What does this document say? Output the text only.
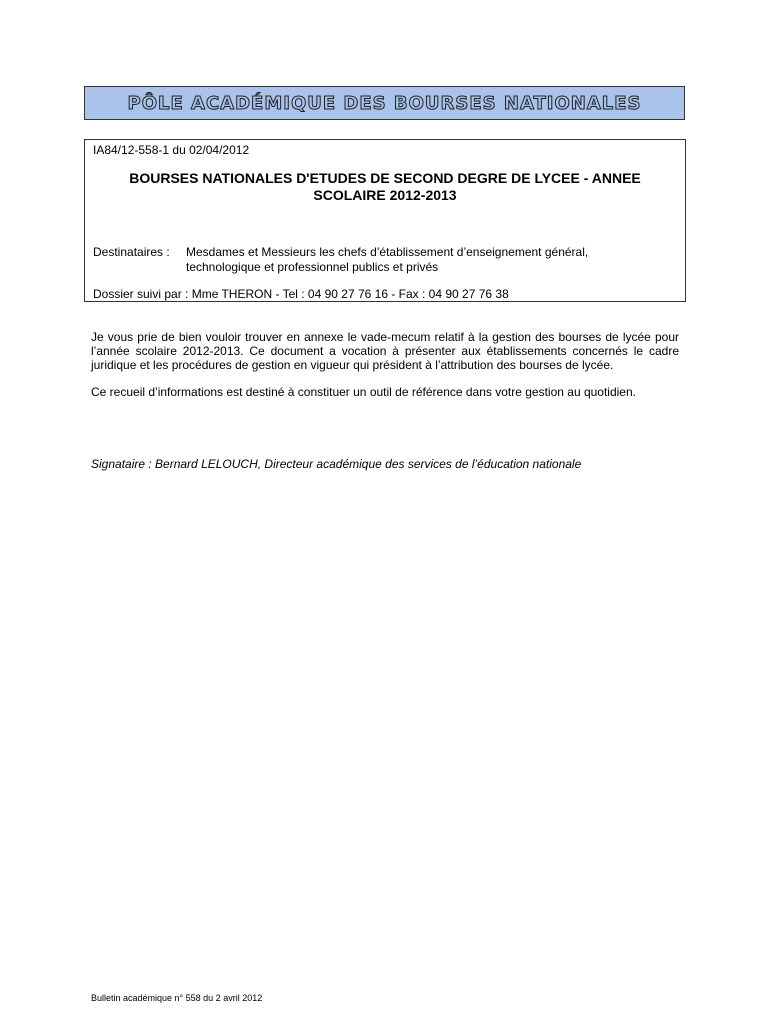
PÔLE ACADÉMIQUE DES BOURSES NATIONALES
IA84/12-558-1 du 02/04/2012
BOURSES NATIONALES D'ETUDES DE SECOND DEGRE DE LYCEE - ANNEE
SCOLAIRE 2012-2013
Destinataires :	Mesdames et Messieurs les chefs d’établissement d’enseignement général, technologique et professionnel publics et privés
Dossier suivi par : Mme THERON - Tel : 04 90 27 76 16 - Fax : 04 90 27 76 38

Je vous prie de bien vouloir trouver en annexe le vade-mecum relatif à la gestion des bourses de lycée pour l’année scolaire 2012-2013. Ce document a vocation à présenter aux établissements concernés le cadre juridique et les procédures de gestion en vigueur qui président à l’attribution des bourses de lycée.

Ce recueil d’informations est destiné à constituer un outil de référence dans votre gestion au quotidien.

Signataire : Bernard LELOUCH, Directeur académique des services de l’éducation nationale
Bulletin académique n° 558 du 2 avril 2012
